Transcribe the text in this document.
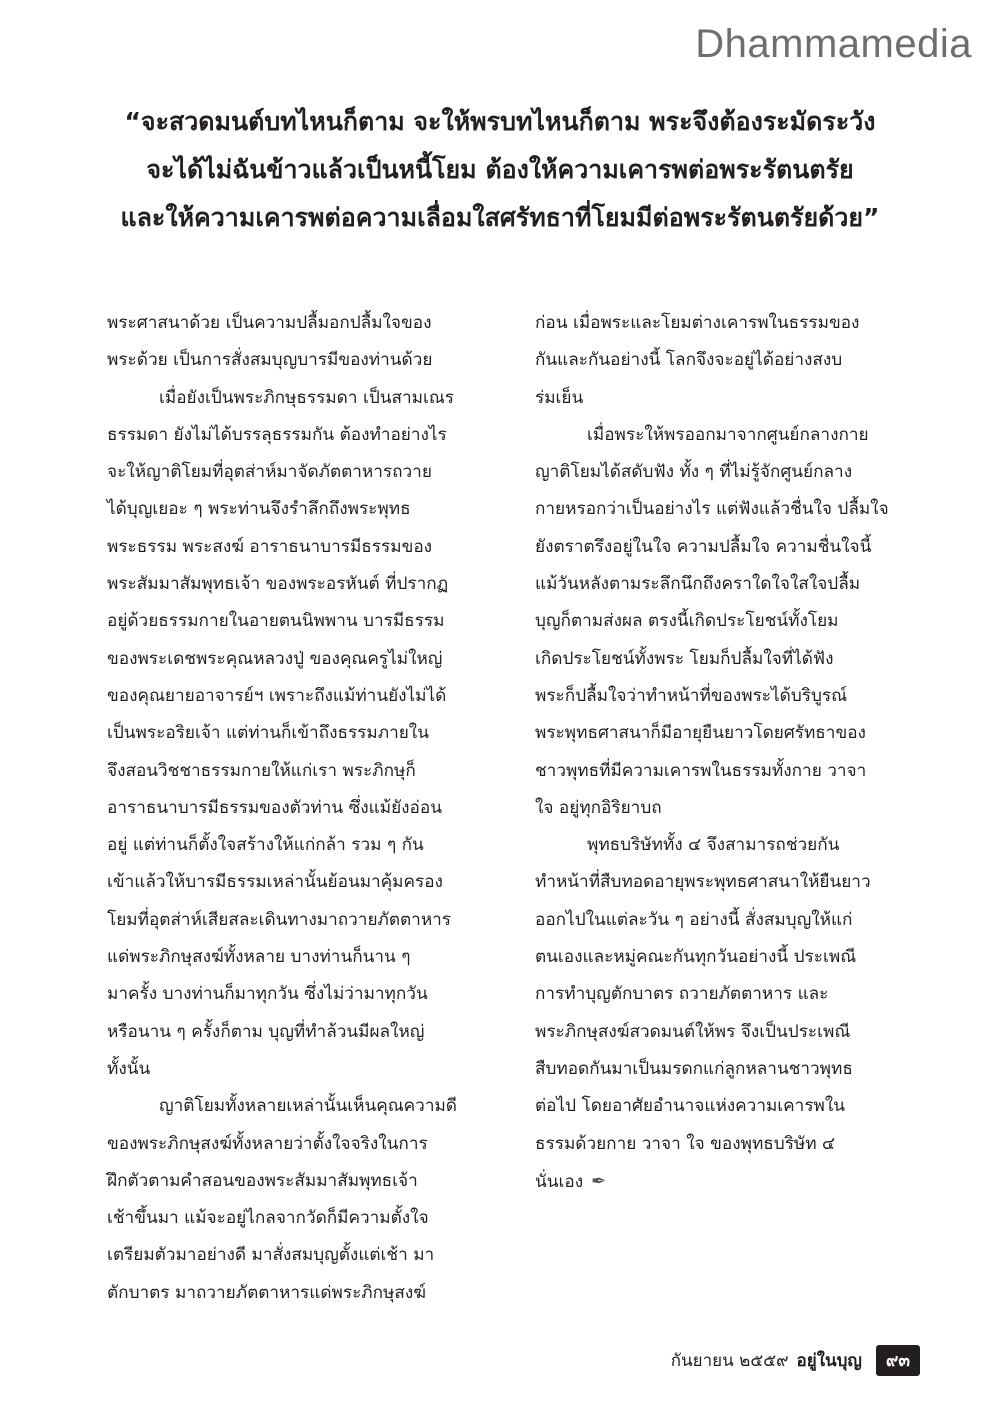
Dhammamedia
“จะสวดมนต์บทไหนก็ตาม จะให้พรบทไหนก็ตาม พระจึงต้องระมัดระวัง
จะได้ไม่ฉันข้าวแล้วเป็นหนี้โยม ต้องให้ความเคารพต่อพระรัตนตรัย
และให้ความเคารพต่อความเลื่อมใสศรัทธาที่โยมมีต่อพระรัตนตรัยด้วย”
พระศาสนาด้วย เป็นความปลื้มอกปลื้มใจของ
พระด้วย เป็นการสั่งสมบุญบารมีของท่านด้วย
เมื่อยังเป็นพระภิกษุธรรมดา เป็นสามเณร
ธรรมดา ยังไม่ได้บรรลุธรรมกัน ต้องทำอย่างไร
จะให้ญาติโยมที่อุตส่าห์มาจัดภัตตาหารถวาย
ได้บุญเยอะ ๆ พระท่านจึงรำลึกถึงพระพุทธ
พระธรรม พระสงฆ์ อาราธนาบารมีธรรมของ
พระสัมมาสัมพุทธเจ้า ของพระอรหันต์ ที่ปรากฏ
อยู่ด้วยธรรมกายในอายตนนิพพาน บารมีธรรม
ของพระเดชพระคุณหลวงปู่ ของคุณครูไม่ใหญ่
ของคุณยายอาจารย์ฯ เพราะถึงแม้ท่านยังไม่ได้
เป็นพระอริยเจ้า แต่ท่านก็เข้าถึงธรรมภายใน
จึงสอนวิชชาธรรมกายให้แก่เรา พระภิกษุก็
อาราธนาบารมีธรรมของตัวท่าน ซึ่งแม้ยังอ่อน
อยู่ แต่ท่านก็ตั้งใจสร้างให้แก่กล้า รวม ๆ กัน
เข้าแล้วให้บารมีธรรมเหล่านั้นย้อนมาคุ้มครอง
โยมที่อุตส่าห์เสียสละเดินทางมาถวายภัตตาหาร
แด่พระภิกษุสงฆ์ทั้งหลาย บางท่านก็นาน ๆ
มาครั้ง บางท่านก็มาทุกวัน ซึ่งไม่ว่ามาทุกวัน
หรือนาน ๆ ครั้งก็ตาม บุญที่ทำล้วนมีผลใหญ่
ทั้งนั้น
ญาติโยมทั้งหลายเหล่านั้นเห็นคุณความดี
ของพระภิกษุสงฆ์ทั้งหลายว่าตั้งใจจริงในการ
ฝึกตัวตามคำสอนของพระสัมมาสัมพุทธเจ้า
เช้าขึ้นมา แม้จะอยู่ไกลจากวัดก็มีความตั้งใจ
เตรียมตัวมาอย่างดี มาสั่งสมบุญตั้งแต่เช้า มา
ตักบาตร มาถวายภัตตาหารแด่พระภิกษุสงฆ์
ก่อน เมื่อพระและโยมต่างเคารพในธรรมของ
กันและกันอย่างนี้ โลกจึงจะอยู่ได้อย่างสงบ
ร่มเย็น
เมื่อพระให้พรออกมาจากศูนย์กลางกาย
ญาติโยมได้สดับฟัง ทั้ง ๆ ที่ไม่รู้จักศูนย์กลาง
กายหรอกว่าเป็นอย่างไร แต่ฟังแล้วชื่นใจ ปลื้มใจ
ยังตราตรึงอยู่ในใจ ความปลื้มใจ ความชื่นใจนี้
แม้วันหลังตามระลึกนึกถึงคราใดใจใสใจปลื้ม
บุญก็ตามส่งผล ตรงนี้เกิดประโยชน์ทั้งโยม
เกิดประโยชน์ทั้งพระ โยมก็ปลื้มใจที่ได้ฟัง
พระก็ปลื้มใจว่าทำหน้าที่ของพระได้บริบูรณ์
พระพุทธศาสนาก็มีอายุยืนยาวโดยศรัทธาของ
ชาวพุทธที่มีความเคารพในธรรมทั้งกาย วาจา
ใจ อยู่ทุกอิริยาบถ
พุทธบริษัททั้ง ๔ จึงสามารถช่วยกัน
ทำหน้าที่สืบทอดอายุพระพุทธศาสนาให้ยืนยาว
ออกไปในแต่ละวัน ๆ อย่างนี้ สั่งสมบุญให้แก่
ตนเองและหมู่คณะกันทุกวันอย่างนี้ ประเพณี
การทำบุญตักบาตร ถวายภัตตาหาร และ
พระภิกษุสงฆ์สวดมนต์ให้พร จึงเป็นประเพณี
สืบทอดกันมาเป็นมรดกแก่ลูกหลานชาวพุทธ
ต่อไป โดยอาศัยอำนาจแห่งความเคารพใน
ธรรมด้วยกาย วาจา ใจ ของพุทธบริษัท ๔
นั่นเอง ✒
กันยายน ๒๕๕๙ อยู่ในบุญ	๙๓
